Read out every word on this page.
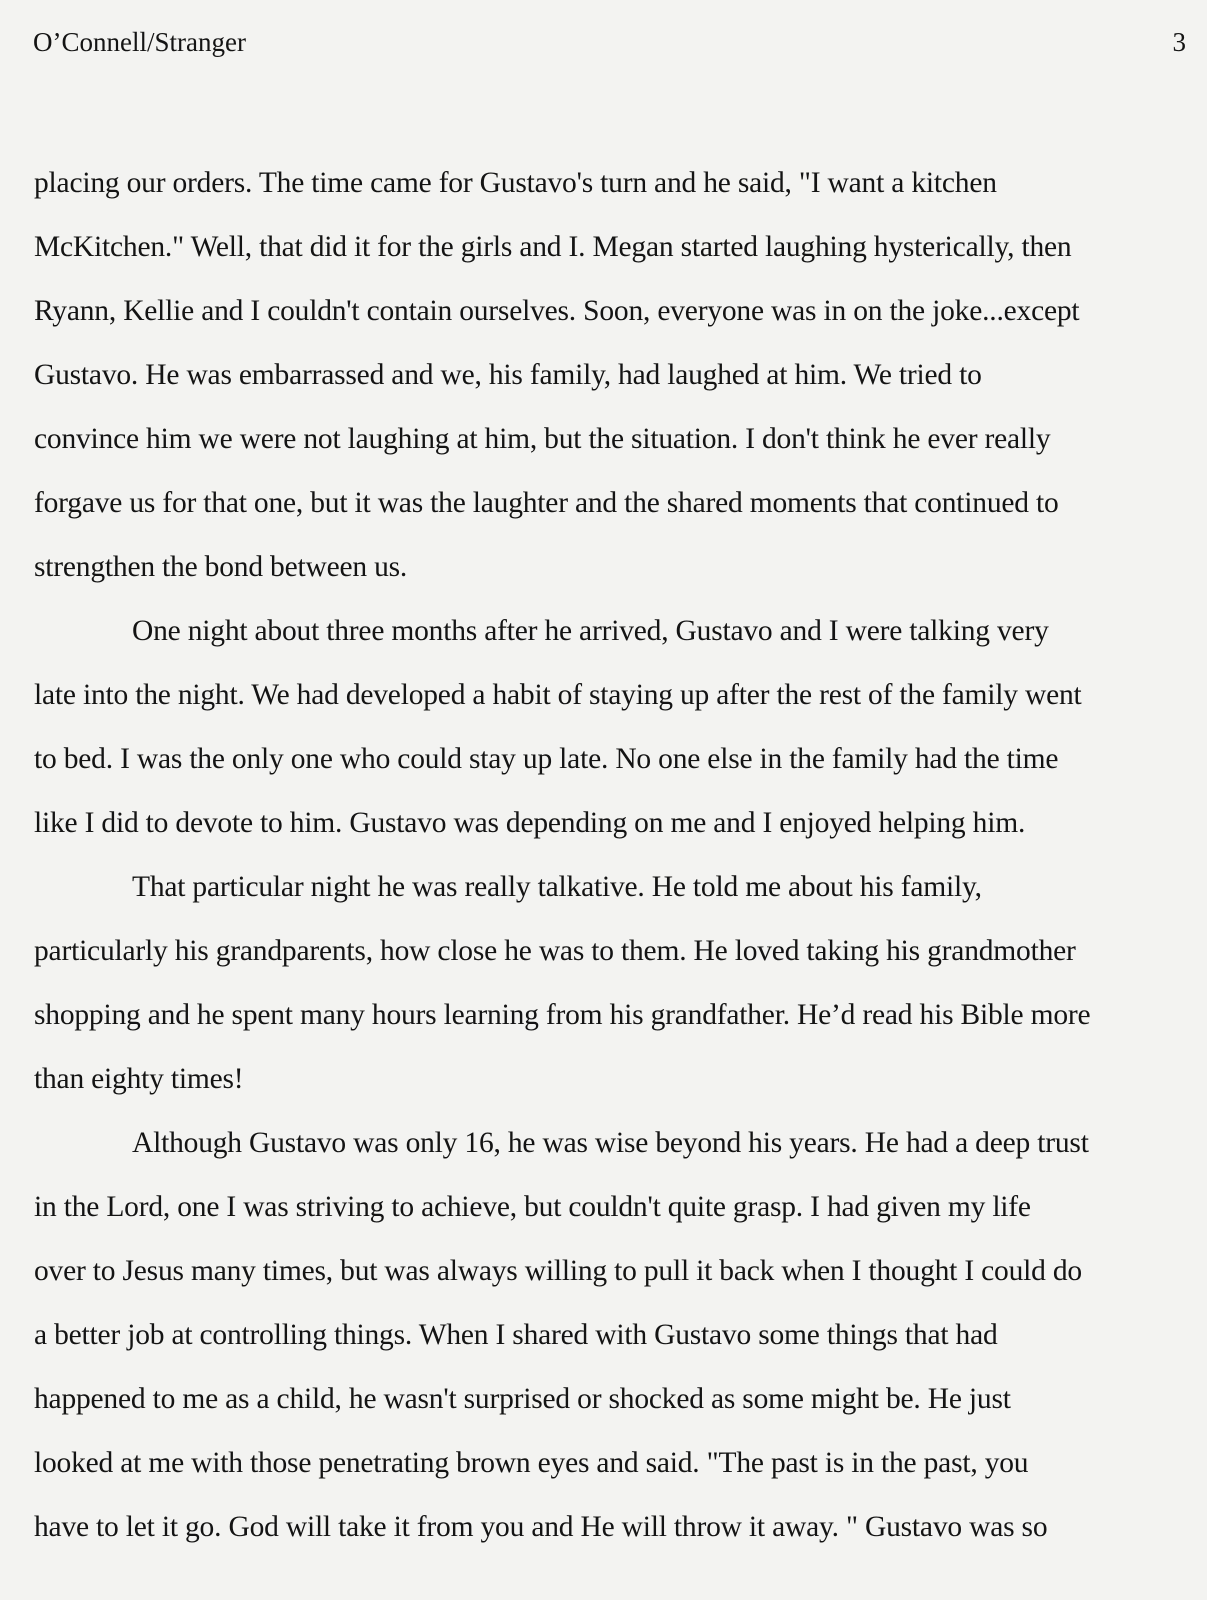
O’Connell/Stranger	3
placing our orders. The time came for Gustavo's turn and he said, "I want a kitchen
McKitchen." Well, that did it for the girls and I. Megan started laughing hysterically, then
Ryann, Kellie and I couldn't contain ourselves. Soon, everyone was in on the joke...except
Gustavo. He was embarrassed and we, his family, had laughed at him. We tried to
convince him we were not laughing at him, but the situation. I don't think he ever really
forgave us for that one, but it was the laughter and the shared moments that continued to
strengthen the bond between us.
One night about three months after he arrived, Gustavo and I were talking very
late into the night. We had developed a habit of staying up after the rest of the family went
to bed. I was the only one who could stay up late. No one else in the family had the time
like I did to devote to him. Gustavo was depending on me and I enjoyed helping him.
That particular night he was really talkative. He told me about his family,
particularly his grandparents, how close he was to them. He loved taking his grandmother
shopping and he spent many hours learning from his grandfather. He’d read his Bible more
than eighty times!
Although Gustavo was only 16, he was wise beyond his years. He had a deep trust
in the Lord, one I was striving to achieve, but couldn't quite grasp. I had given my life
over to Jesus many times, but was always willing to pull it back when I thought I could do
a better job at controlling things. When I shared with Gustavo some things that had
happened to me as a child, he wasn't surprised or shocked as some might be. He just
looked at me with those penetrating brown eyes and said. "The past is in the past, you
have to let it go. God will take it from you and He will throw it away. " Gustavo was so
